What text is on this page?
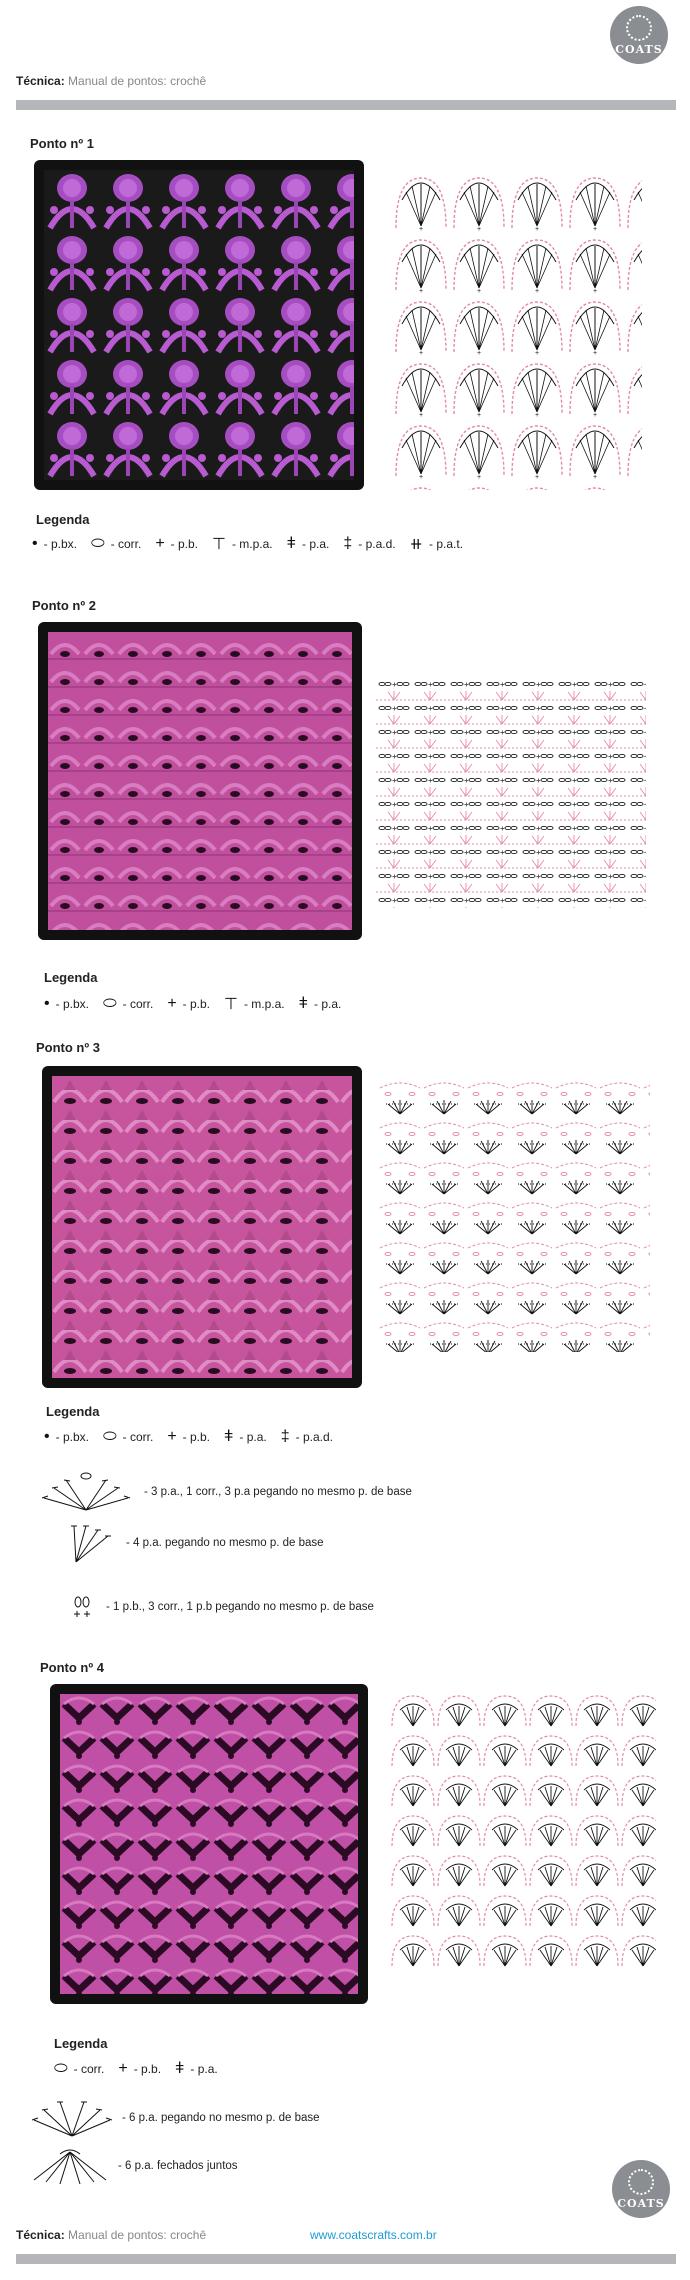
COATS
Técnica: Manual de pontos: crochê
Ponto nº 1
Legenda
• - p.bx. ⬭ - corr. + - p.b. ⊤ - m.p.a. ǂ - p.a. ‡ - p.a.d. ⧺ - p.a.t.
Ponto nº 2
Legenda
• - p.bx. ⬭ - corr. + - p.b. ⊤ - m.p.a. ǂ - p.a.
Ponto nº 3
Legenda
• - p.bx. ⬭ - corr. + - p.b. ǂ - p.a. ‡ - p.a.d.
- 3 p.a., 1 corr., 3 p.a pegando no mesmo p. de base
- 4 p.a. pegando no mesmo p. de base
- 1 p.b., 3 corr., 1 p.b pegando no mesmo p. de base
Ponto nº 4
Legenda
⬭ - corr. + - p.b. ǂ - p.a.
- 6 p.a. pegando no mesmo p. de base
- 6 p.a. fechados juntos
COATS
Técnica: Manual de pontos: crochê	www.coatscrafts.com.br
